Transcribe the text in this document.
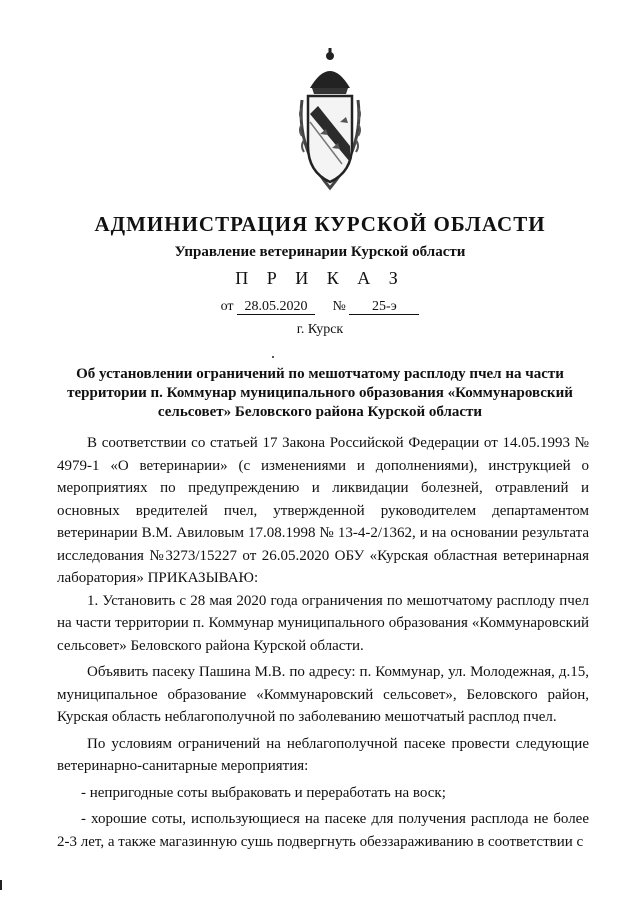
АДМИНИСТРАЦИЯ КУРСКОЙ ОБЛАСТИ
Управление ветеринарии Курской области
П Р И К А З
от 28.05.2020 № 25-э
г. Курск
Об установлении ограничений по мешотчатому расплоду пчел на части
территории п. Коммунар муниципального образования «Коммунаровский
сельсовет» Беловского района Курской области

В соответствии со статьей 17 Закона Российской Федерации от 14.05.1993 № 4979-1 «О ветеринарии» (с изменениями и дополнениями), инструкцией о мероприятиях по предупреждению и ликвидации болезней, отравлений и основных вредителей пчел, утвержденной руководителем департаментом ветеринарии В.М. Авиловым 17.08.1998 № 13-4-2/1362, и на основании результата исследования №3273/15227 от 26.05.2020 ОБУ «Курская областная ветеринарная лаборатория» ПРИКАЗЫВАЮ:

1. Установить с 28 мая 2020 года ограничения по мешотчатому расплоду пчел на части территории п. Коммунар муниципального образования «Коммунаровский сельсовет» Беловского района Курской области.

Объявить пасеку Пашина М.В. по адресу: п. Коммунар, ул. Молодежная, д.15, муниципальное образование «Коммунаровский сельсовет», Беловского район, Курская область неблагополучной по заболеванию мешотчатый расплод пчел.

По условиям ограничений на неблагополучной пасеке провести следующие ветеринарно-санитарные мероприятия:

- непригодные соты выбраковать и переработать на воск;

- хорошие соты, использующиеся на пасеке для получения расплода не более 2-3 лет, а также магазинную сушь подвергнуть обеззараживанию в соответствии с
